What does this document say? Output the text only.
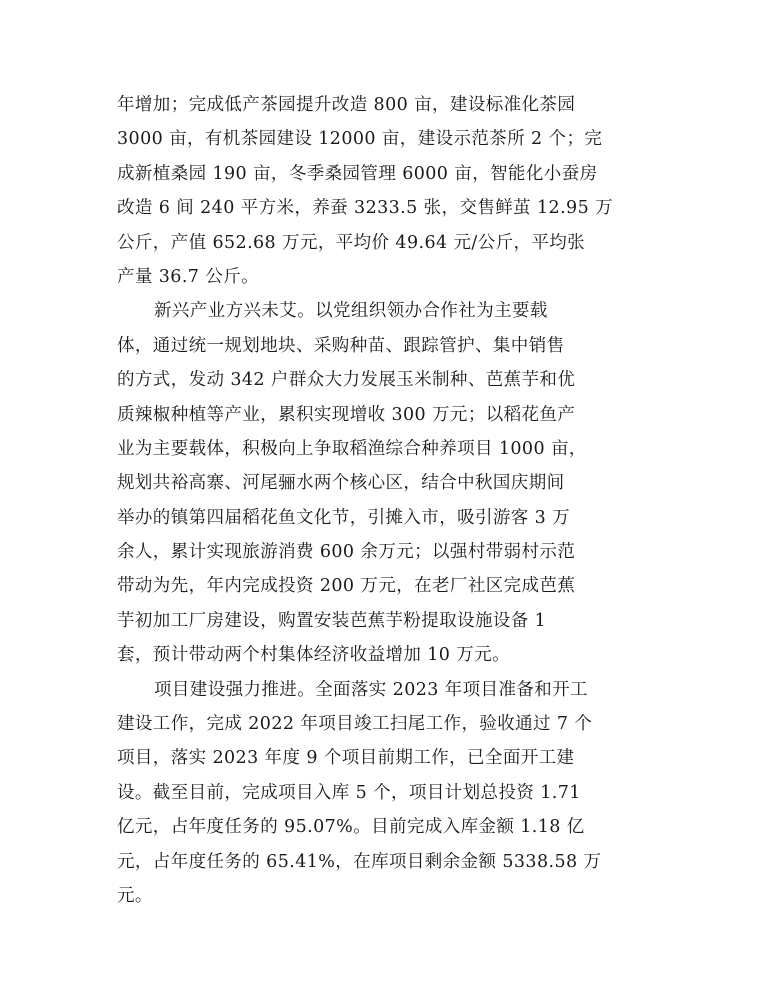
年增加；完成低产茶园提升改造 800 亩，建设标准化茶园
3000 亩，有机茶园建设 12000 亩，建设示范茶所 2 个；完
成新植桑园 190 亩，冬季桑园管理 6000 亩，智能化小蚕房
改造 6 间 240 平方米，养蚕 3233.5 张，交售鲜茧 12.95 万
公斤，产值 652.68 万元，平均价 49.64 元/公斤，平均张
产量 36.7 公斤。
新兴产业方兴未艾。以党组织领办合作社为主要载
体，通过统一规划地块、采购种苗、跟踪管护、集中销售
的方式，发动 342 户群众大力发展玉米制种、芭蕉芋和优
质辣椒种植等产业，累积实现增收 300 万元；以稻花鱼产
业为主要载体，积极向上争取稻渔综合种养项目 1000 亩，
规划共裕高寨、河尾骊水两个核心区，结合中秋国庆期间
举办的镇第四届稻花鱼文化节，引摊入市，吸引游客 3 万
余人，累计实现旅游消费 600 余万元；以强村带弱村示范
带动为先，年内完成投资 200 万元，在老厂社区完成芭蕉
芋初加工厂房建设，购置安装芭蕉芋粉提取设施设备 1
套，预计带动两个村集体经济收益增加 10 万元。
项目建设强力推进。全面落实 2023 年项目准备和开工
建设工作，完成 2022 年项目竣工扫尾工作，验收通过 7 个
项目，落实 2023 年度 9 个项目前期工作，已全面开工建
设。截至目前，完成项目入库 5 个，项目计划总投资 1.71
亿元，占年度任务的 95.07%。目前完成入库金额 1.18 亿
元，占年度任务的 65.41%，在库项目剩余金额 5338.58 万
元。
